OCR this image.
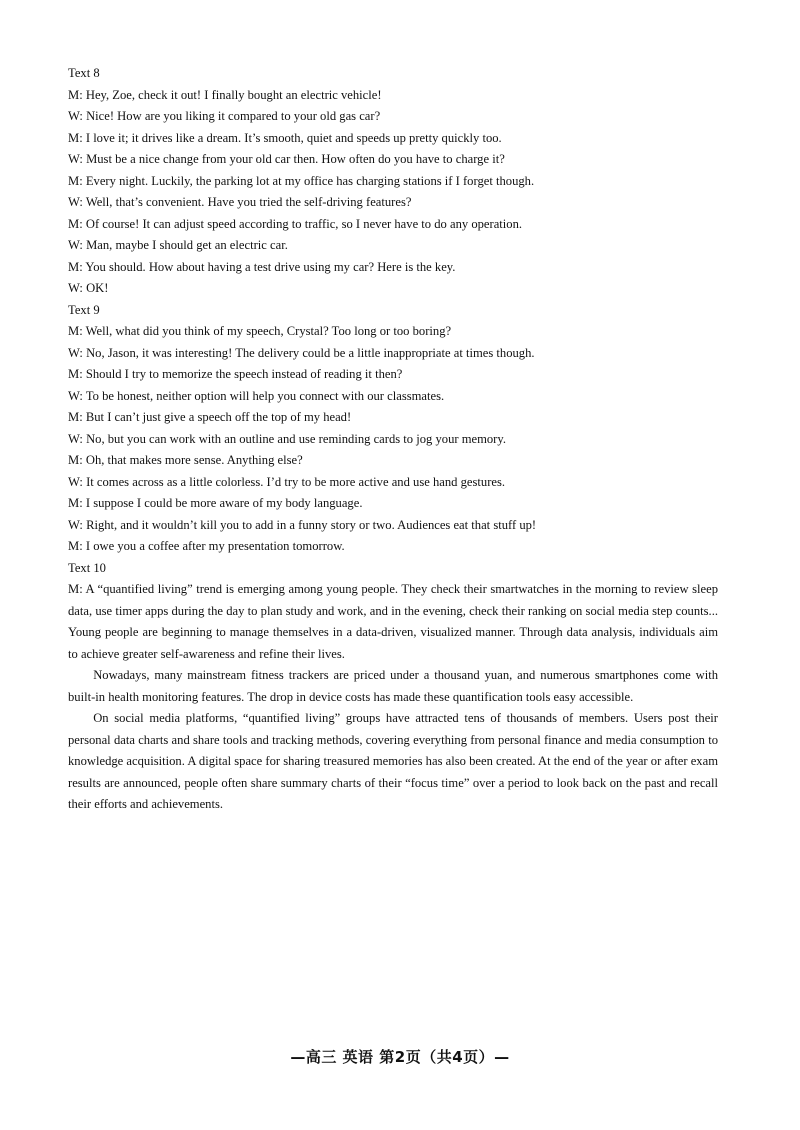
Text 8
M: Hey, Zoe, check it out! I finally bought an electric vehicle!
W: Nice! How are you liking it compared to your old gas car?
M: I love it; it drives like a dream. It’s smooth, quiet and speeds up pretty quickly too.
W: Must be a nice change from your old car then. How often do you have to charge it?
M: Every night. Luckily, the parking lot at my office has charging stations if I forget though.
W: Well, that’s convenient. Have you tried the self-driving features?
M: Of course! It can adjust speed according to traffic, so I never have to do any operation.
W: Man, maybe I should get an electric car.
M: You should. How about having a test drive using my car? Here is the key.
W: OK!
Text 9
M: Well, what did you think of my speech, Crystal? Too long or too boring?
W: No, Jason, it was interesting! The delivery could be a little inappropriate at times though.
M: Should I try to memorize the speech instead of reading it then?
W: To be honest, neither option will help you connect with our classmates.
M: But I can’t just give a speech off the top of my head!
W: No, but you can work with an outline and use reminding cards to jog your memory.
M: Oh, that makes more sense. Anything else?
W: It comes across as a little colorless. I’d try to be more active and use hand gestures.
M: I suppose I could be more aware of my body language.
W: Right, and it wouldn’t kill you to add in a funny story or two. Audiences eat that stuff up!
M: I owe you a coffee after my presentation tomorrow.
Text 10

M: A “quantified living” trend is emerging among young people. They check their smartwatches in the morning to review sleep data, use timer apps during the day to plan study and work, and in the evening, check their ranking on social media step counts... Young people are beginning to manage themselves in a data-driven, visualized manner. Through data analysis, individuals aim to achieve greater self-awareness and refine their lives.

Nowadays, many mainstream fitness trackers are priced under a thousand yuan, and numerous smartphones come with built-in health monitoring features. The drop in device costs has made these quantification tools easy accessible.

On social media platforms, “quantified living” groups have attracted tens of thousands of members. Users post their personal data charts and share tools and tracking methods, covering everything from personal finance and media consumption to knowledge acquisition. A digital space for sharing treasured memories has also been created. At the end of the year or after exam results are announced, people often share summary charts of their “focus time” over a period to look back on the past and recall their efforts and achievements.

—高三 英语 第2页（共4页）—
